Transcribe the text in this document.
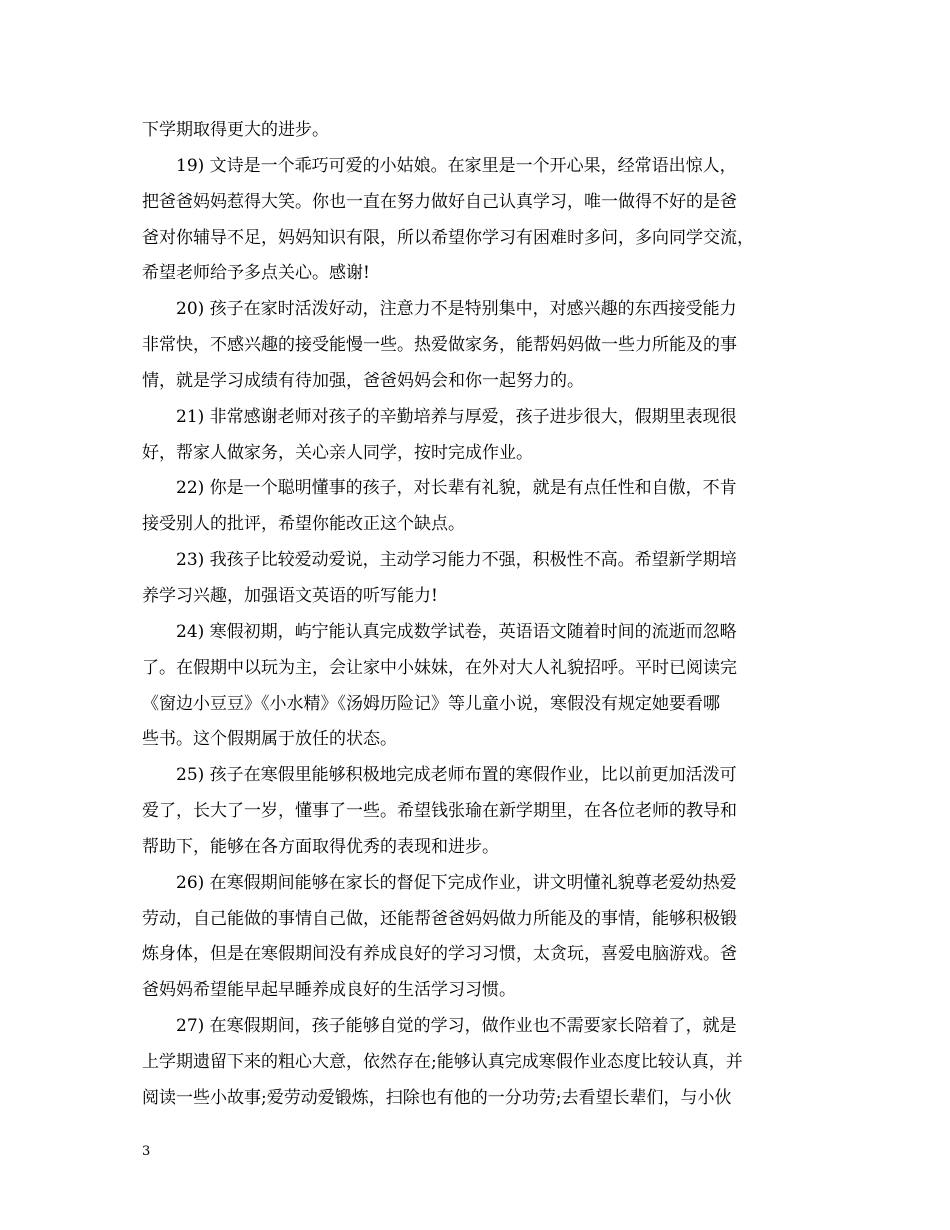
下学期取得更大的进步。
19) 文诗是一个乖巧可爱的小姑娘。在家里是一个开心果，经常语出惊人，
把爸爸妈妈惹得大笑。你也一直在努力做好自己认真学习，唯一做得不好的是爸
爸对你辅导不足，妈妈知识有限，所以希望你学习有困难时多问，多向同学交流，
希望老师给予多点关心。感谢!
20) 孩子在家时活泼好动，注意力不是特别集中，对感兴趣的东西接受能力
非常快，不感兴趣的接受能慢一些。热爱做家务，能帮妈妈做一些力所能及的事
情，就是学习成绩有待加强，爸爸妈妈会和你一起努力的。
21) 非常感谢老师对孩子的辛勤培养与厚爱，孩子进步很大，假期里表现很
好，帮家人做家务，关心亲人同学，按时完成作业。
22) 你是一个聪明懂事的孩子，对长辈有礼貌，就是有点任性和自傲，不肯
接受别人的批评，希望你能改正这个缺点。
23) 我孩子比较爱动爱说，主动学习能力不强，积极性不高。希望新学期培
养学习兴趣，加强语文英语的听写能力!
24) 寒假初期，屿宁能认真完成数学试卷，英语语文随着时间的流逝而忽略
了。在假期中以玩为主，会让家中小妹妹，在外对大人礼貌招呼。平时已阅读完
《窗边小豆豆》《小水精》《汤姆历险记》等儿童小说，寒假没有规定她要看哪
些书。这个假期属于放任的状态。
25) 孩子在寒假里能够积极地完成老师布置的寒假作业，比以前更加活泼可
爱了，长大了一岁，懂事了一些。希望钱张瑜在新学期里，在各位老师的教导和
帮助下，能够在各方面取得优秀的表现和进步。
26) 在寒假期间能够在家长的督促下完成作业，讲文明懂礼貌尊老爱幼热爱
劳动，自己能做的事情自己做，还能帮爸爸妈妈做力所能及的事情，能够积极锻
炼身体，但是在寒假期间没有养成良好的学习习惯，太贪玩，喜爱电脑游戏。爸
爸妈妈希望能早起早睡养成良好的生活学习习惯。
27) 在寒假期间，孩子能够自觉的学习，做作业也不需要家长陪着了，就是
上学期遗留下来的粗心大意，依然存在;能够认真完成寒假作业态度比较认真，并
阅读一些小故事;爱劳动爱锻炼，扫除也有他的一分功劳;去看望长辈们，与小伙
3
